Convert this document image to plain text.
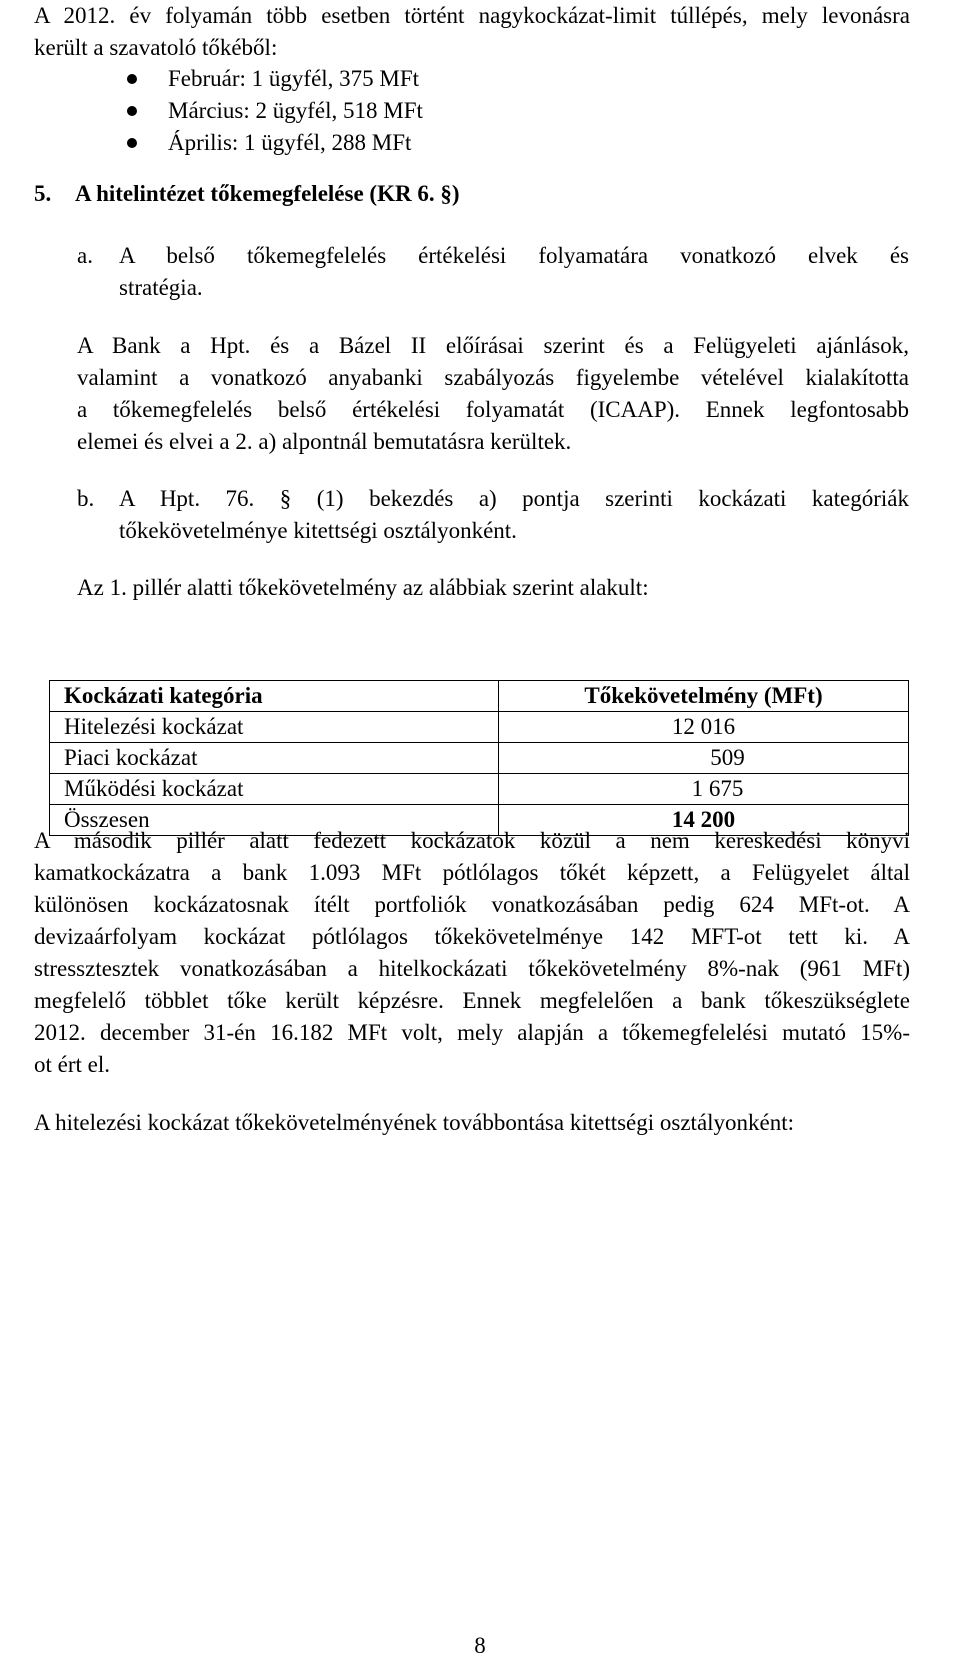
A 2012. év folyamán több esetben történt nagykockázat-limit túllépés, mely levonásra
került a szavatoló tőkéből:
Február: 1 ügyfél, 375 MFt
Március: 2 ügyfél, 518 MFt
Április: 1 ügyfél, 288 MFt
5. A hitelintézet tőkemegfelelése (KR 6. §)
a. A belső tőkemegfelelés értékelési folyamatára vonatkozó elvek és
stratégia.
A Bank a Hpt. és a Bázel II előírásai szerint és a Felügyeleti ajánlások,
valamint a vonatkozó anyabanki szabályozás figyelembe vételével kialakította
a tőkemegfelelés belső értékelési folyamatát (ICAAP). Ennek legfontosabb
elemei és elvei a 2. a) alpontnál bemutatásra kerültek.
b. A Hpt. 76. § (1) bekezdés a) pontja szerinti kockázati kategóriák
tőkekövetelménye kitettségi osztályonként.
Az 1. pillér alatti tőkekövetelmény az alábbiak szerint alakult:
Kockázati kategória	Tőkekövetelmény (MFt)
Hitelezési kockázat	12 016
Piaci kockázat	509
Működési kockázat	1 675
Összesen	14 200
A második pillér alatt fedezett kockázatok közül a nem kereskedési könyvi
kamatkockázatra a bank 1.093 MFt pótlólagos tőkét képzett, a Felügyelet által
különösen kockázatosnak ítélt portfoliók vonatkozásában pedig 624 MFt-ot. A
devizaárfolyam kockázat pótlólagos tőkekövetelménye 142 MFT-ot tett ki. A
stressztesztek vonatkozásában a hitelkockázati tőkekövetelmény 8%-nak (961 MFt)
megfelelő többlet tőke került képzésre. Ennek megfelelően a bank tőkeszükséglete
2012. december 31-én 16.182 MFt volt, mely alapján a tőkemegfelelési mutató 15%-
ot ért el.
A hitelezési kockázat tőkekövetelményének továbbontása kitettségi osztályonként:
8
